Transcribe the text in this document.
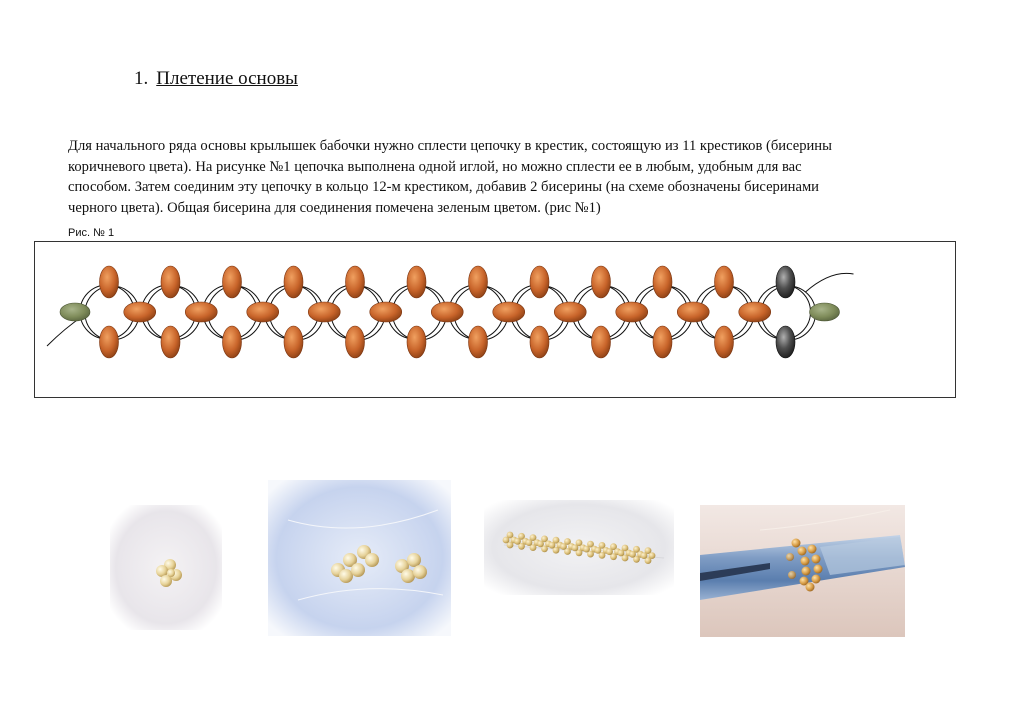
1. Плетение основы

Для начального ряда основы крылышек бабочки нужно сплести цепочку в крестик, состоящую из 11 крестиков (бисерины
коричневого цвета). На рисунке №1 цепочка выполнена одной иглой, но можно сплести ее в любым, удобным для вас
способом. Затем соединим эту цепочку в кольцо 12-м крестиком, добавив 2 бисерины (на схеме обозначены бисеринами
черного цвета). Общая бисерина для соединения помечена зеленым цветом. (рис №1)

Рис. № 1
